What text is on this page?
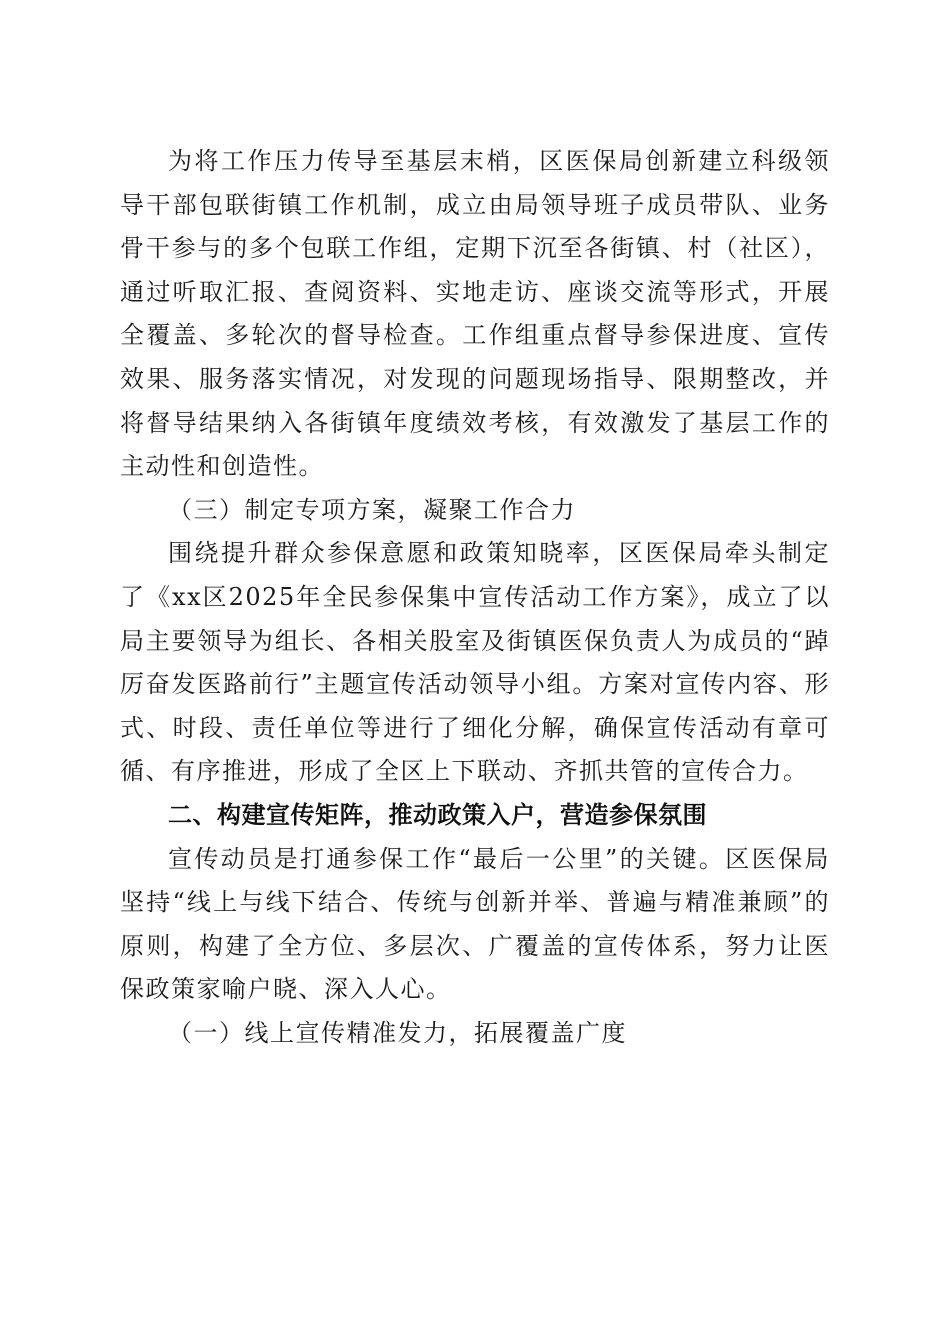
为将工作压力传导至基层末梢，区医保局创新建立科级领导干部包联街镇工作机制，成立由局领导班子成员带队、业务骨干参与的多个包联工作组，定期下沉至各街镇、村（社区），通过听取汇报、查阅资料、实地走访、座谈交流等形式，开展全覆盖、多轮次的督导检查。工作组重点督导参保进度、宣传效果、服务落实情况，对发现的问题现场指导、限期整改，并将督导结果纳入各街镇年度绩效考核，有效激发了基层工作的主动性和创造性。

（三）制定专项方案，凝聚工作合力

围绕提升群众参保意愿和政策知晓率，区医保局牵头制定了《xx区2025年全民参保集中宣传活动工作方案》，成立了以局主要领导为组长、各相关股室及街镇医保负责人为成员的“踔厉奋发医路前行”主题宣传活动领导小组。方案对宣传内容、形式、时段、责任单位等进行了细化分解，确保宣传活动有章可循、有序推进，形成了全区上下联动、齐抓共管的宣传合力。

二、构建宣传矩阵，推动政策入户，营造参保氛围

宣传动员是打通参保工作“最后一公里”的关键。区医保局坚持“线上与线下结合、传统与创新并举、普遍与精准兼顾”的原则，构建了全方位、多层次、广覆盖的宣传体系，努力让医保政策家喻户晓、深入人心。

（一）线上宣传精准发力，拓展覆盖广度
